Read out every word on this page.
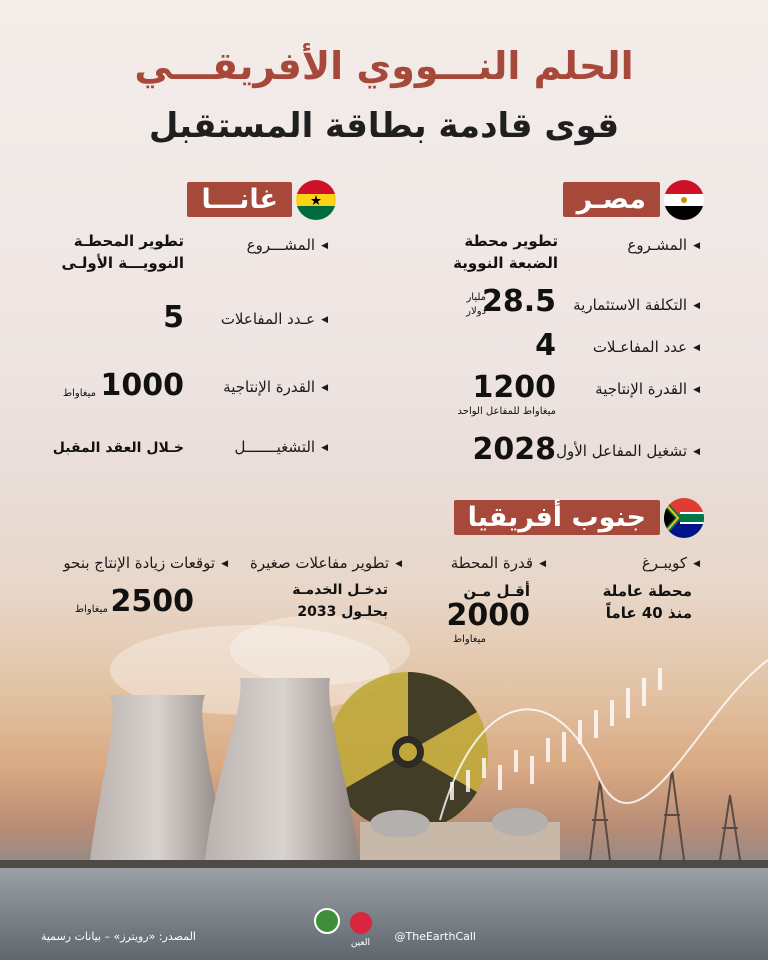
الحلم النـــووي الأفريقـــي
قوى قادمة بطاقة المستقبل
مصـر
غانـــا
◀ المشـروع
تطوير محطة
الضبعة النووية
◀ التكلفة الاستثمارية
28.5
مليار
دولار
◀ عدد المفاعـلات
4
◀ القدرة الإنتاجية
1200
ميغاواط للمفاعل الواحد
◀ تشغيل المفاعل الأول
2028
◀ المشـــروع
تطوير المحطـة
النوويـــة الأولـى
◀ عـدد المفاعلات
5
◀ القدرة الإنتاجية
1000
ميغاواط
◀ التشغيـــــــل
خـلال العقد المقبل
جنوب أفريقيا
◀ كويبـرغ
محطة عاملة
منذ 40 عاماً
◀ قدرة المحطة
أقـل مـن
2000
ميغاواط
◀ تطوير مفاعلات صغيرة
تدخـل الخدمـة
بحلـول 2033
◀ توقعات زيادة الإنتاج بنحو
2500
ميغاواط
المصدر: «رويترز» – بيانات رسمية	@TheEarthCall
العين
